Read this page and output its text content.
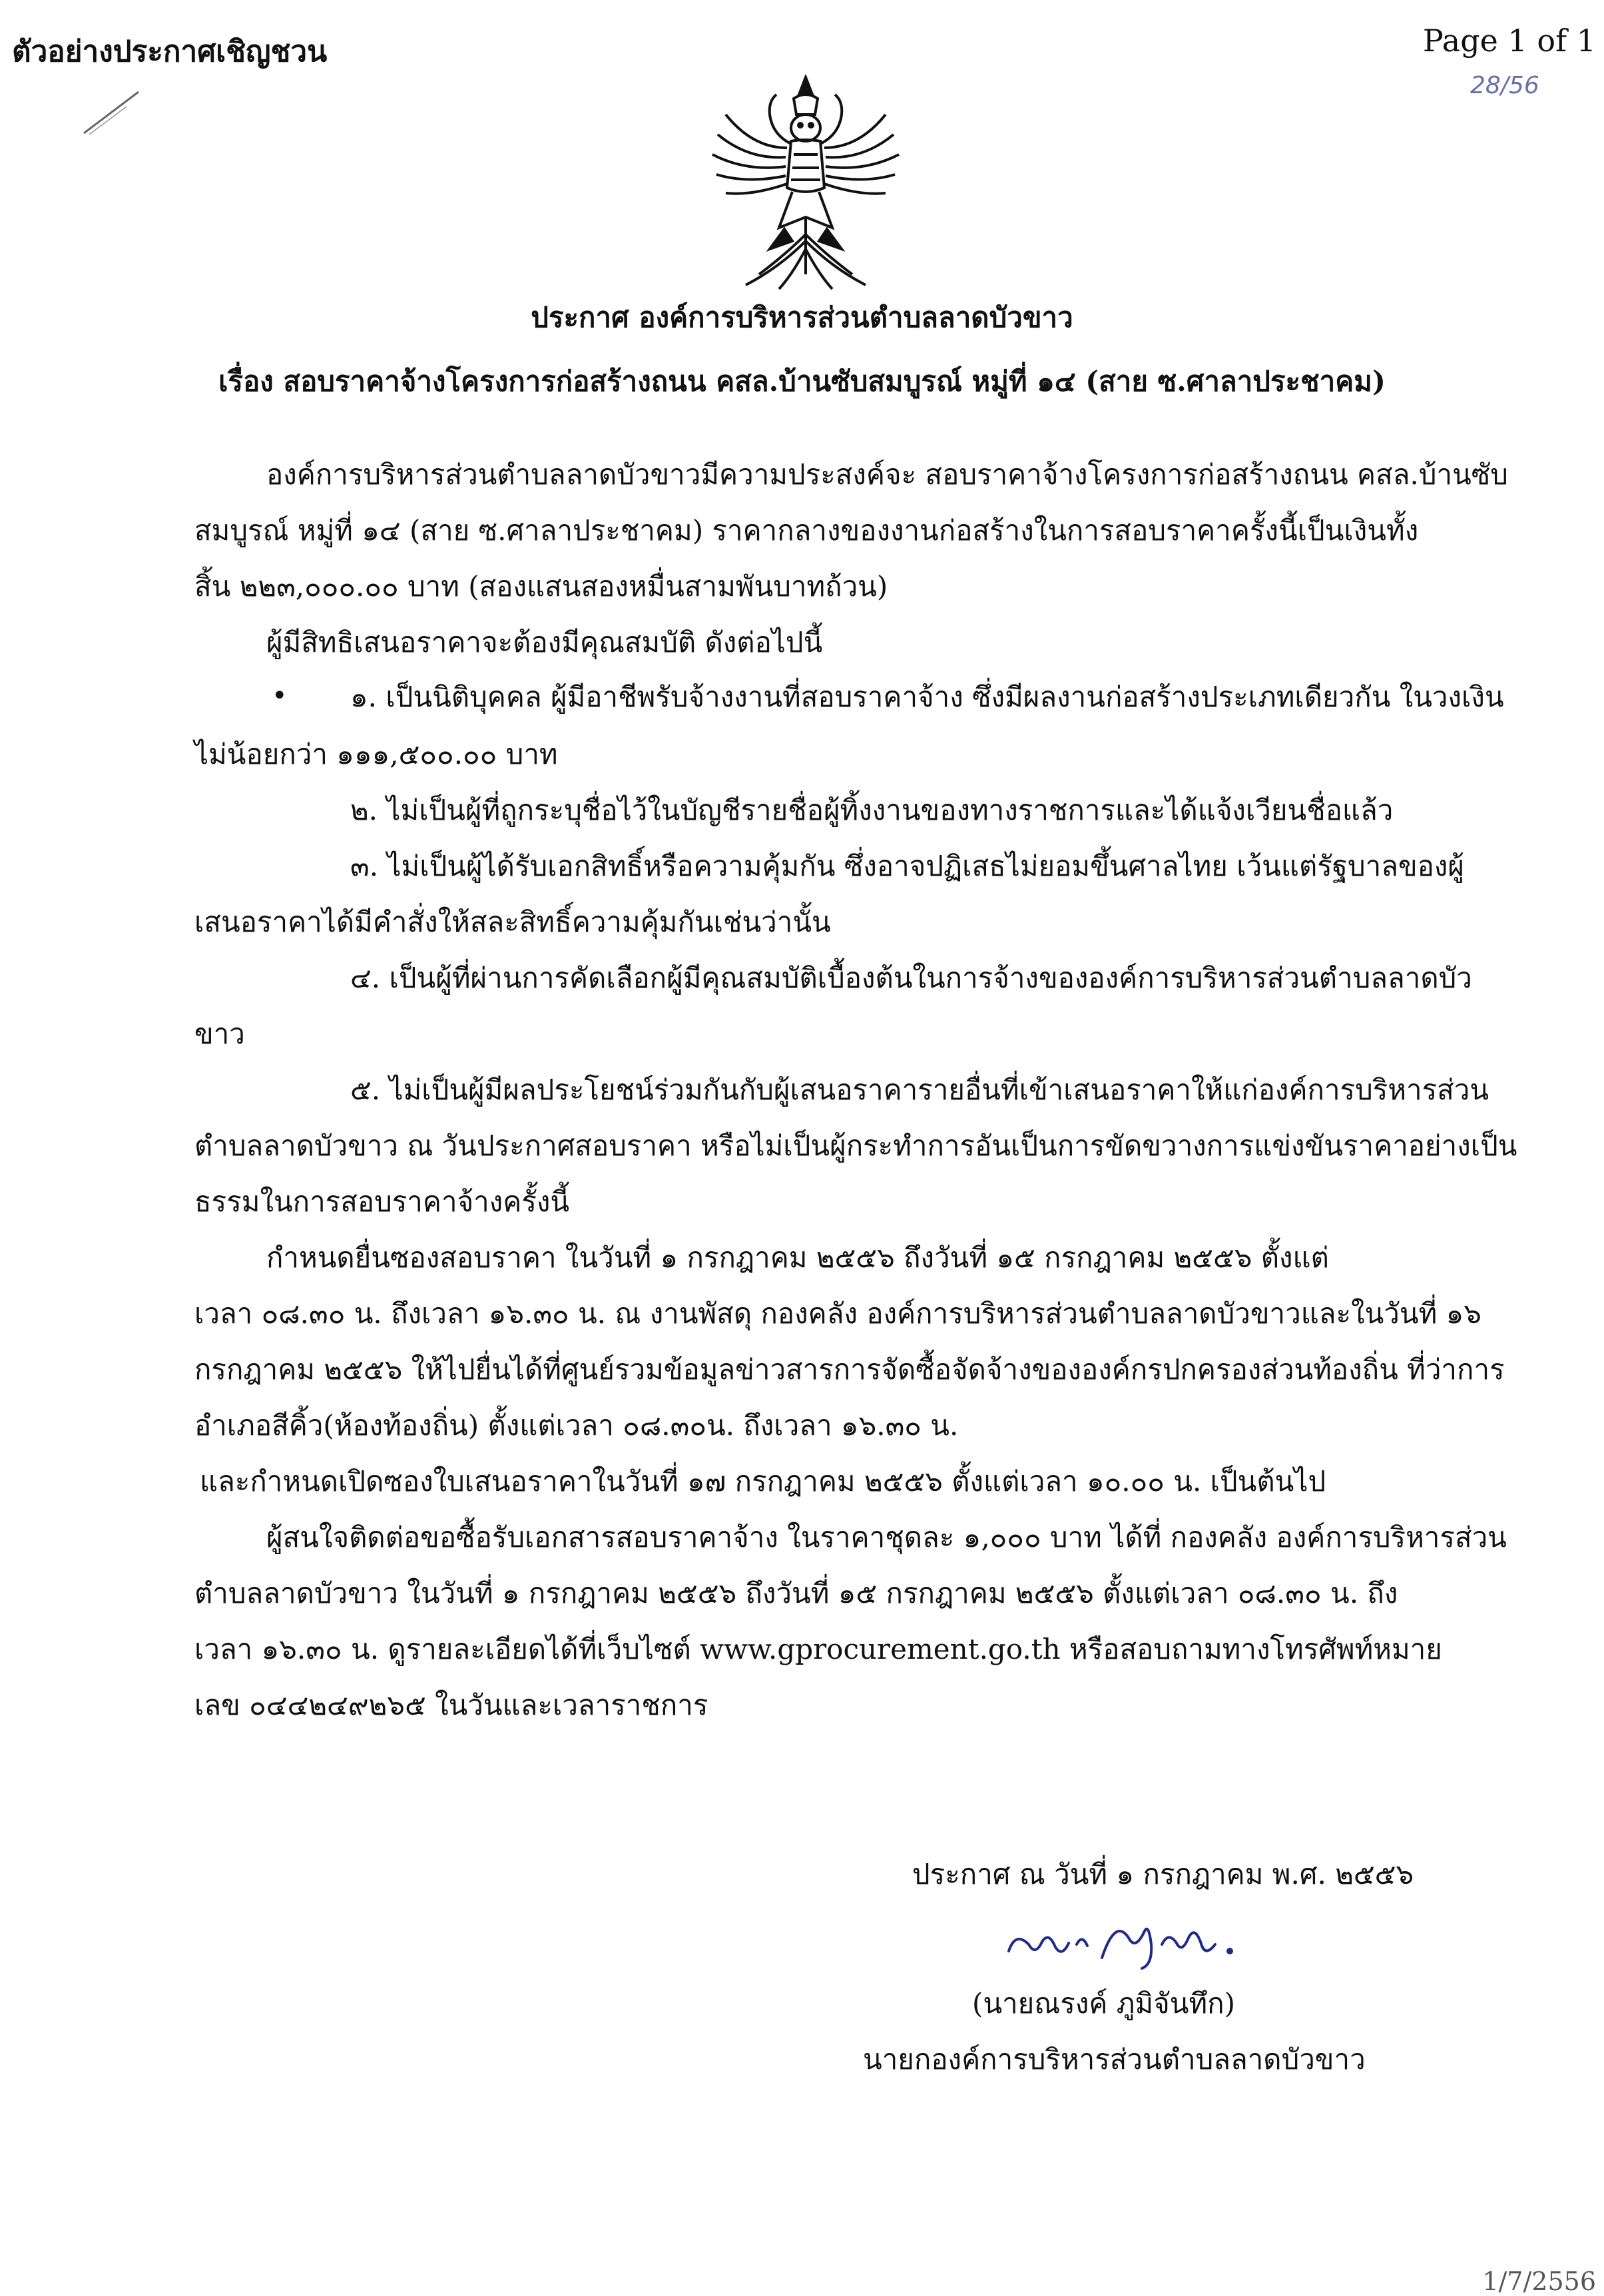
ตัวอย่างประกาศเชิญชวน	Page 1 of 1
28/56
ประกาศ องค์การบริหารส่วนตำบลลาดบัวขาว
เรื่อง สอบราคาจ้างโครงการก่อสร้างถนน คสล.บ้านซับสมบูรณ์ หมู่ที่ ๑๔ (สาย ซ.ศาลาประชาคม)
องค์การบริหารส่วนตำบลลาดบัวขาวมีความประสงค์จะ สอบราคาจ้างโครงการก่อสร้างถนน คสล.บ้านซับ
สมบูรณ์ หมู่ที่ ๑๔ (สาย ซ.ศาลาประชาคม) ราคากลางของงานก่อสร้างในการสอบราคาครั้งนี้เป็นเงินทั้ง
สิ้น ๒๒๓,๐๐๐.๐๐ บาท (สองแสนสองหมื่นสามพันบาทถ้วน)
ผู้มีสิทธิเสนอราคาจะต้องมีคุณสมบัติ ดังต่อไปนี้
• ๑. เป็นนิติบุคคล ผู้มีอาชีพรับจ้างงานที่สอบราคาจ้าง ซึ่งมีผลงานก่อสร้างประเภทเดียวกัน ในวงเงิน
ไม่น้อยกว่า ๑๑๑,๕๐๐.๐๐ บาท
๒. ไม่เป็นผู้ที่ถูกระบุชื่อไว้ในบัญชีรายชื่อผู้ทิ้งงานของทางราชการและได้แจ้งเวียนชื่อแล้ว
๓. ไม่เป็นผู้ได้รับเอกสิทธิ์หรือความคุ้มกัน ซึ่งอาจปฏิเสธไม่ยอมขึ้นศาลไทย เว้นแต่รัฐบาลของผู้
เสนอราคาได้มีคำสั่งให้สละสิทธิ์ความคุ้มกันเช่นว่านั้น
๔. เป็นผู้ที่ผ่านการคัดเลือกผู้มีคุณสมบัติเบื้องต้นในการจ้างขององค์การบริหารส่วนตำบลลาดบัว
ขาว
๕. ไม่เป็นผู้มีผลประโยชน์ร่วมกันกับผู้เสนอราคารายอื่นที่เข้าเสนอราคาให้แก่องค์การบริหารส่วน
ตำบลลาดบัวขาว ณ วันประกาศสอบราคา หรือไม่เป็นผู้กระทำการอันเป็นการขัดขวางการแข่งขันราคาอย่างเป็น
ธรรมในการสอบราคาจ้างครั้งนี้
กำหนดยื่นซองสอบราคา ในวันที่ ๑ กรกฎาคม ๒๕๕๖ ถึงวันที่ ๑๕ กรกฎาคม ๒๕๕๖ ตั้งแต่
เวลา ๐๘.๓๐ น. ถึงเวลา ๑๖.๓๐ น. ณ งานพัสดุ กองคลัง องค์การบริหารส่วนตำบลลาดบัวขาวและในวันที่ ๑๖
กรกฎาคม ๒๕๕๖ ให้ไปยื่นได้ที่ศูนย์รวมข้อมูลข่าวสารการจัดซื้อจัดจ้างขององค์กรปกครองส่วนท้องถิ่น ที่ว่าการ
อำเภอสีคิ้ว(ห้องท้องถิ่น) ตั้งแต่เวลา ๐๘.๓๐น. ถึงเวลา ๑๖.๓๐ น.
และกำหนดเปิดซองใบเสนอราคาในวันที่ ๑๗ กรกฎาคม ๒๕๕๖ ตั้งแต่เวลา ๑๐.๐๐ น. เป็นต้นไป
ผู้สนใจติดต่อขอซื้อรับเอกสารสอบราคาจ้าง ในราคาชุดละ ๑,๐๐๐ บาท ได้ที่ กองคลัง องค์การบริหารส่วน
ตำบลลาดบัวขาว ในวันที่ ๑ กรกฎาคม ๒๕๕๖ ถึงวันที่ ๑๕ กรกฎาคม ๒๕๕๖ ตั้งแต่เวลา ๐๘.๓๐ น. ถึง
เวลา ๑๖.๓๐ น. ดูรายละเอียดได้ที่เว็บไซต์ www.gprocurement.go.th หรือสอบถามทางโทรศัพท์หมาย
เลข ๐๔๔๒๔๙๒๖๕ ในวันและเวลาราชการ
ประกาศ ณ วันที่ ๑ กรกฎาคม พ.ศ. ๒๕๕๖
(นายณรงค์ ภูมิจันทึก)
นายกองค์การบริหารส่วนตำบลลาดบัวขาว
1/7/2556
